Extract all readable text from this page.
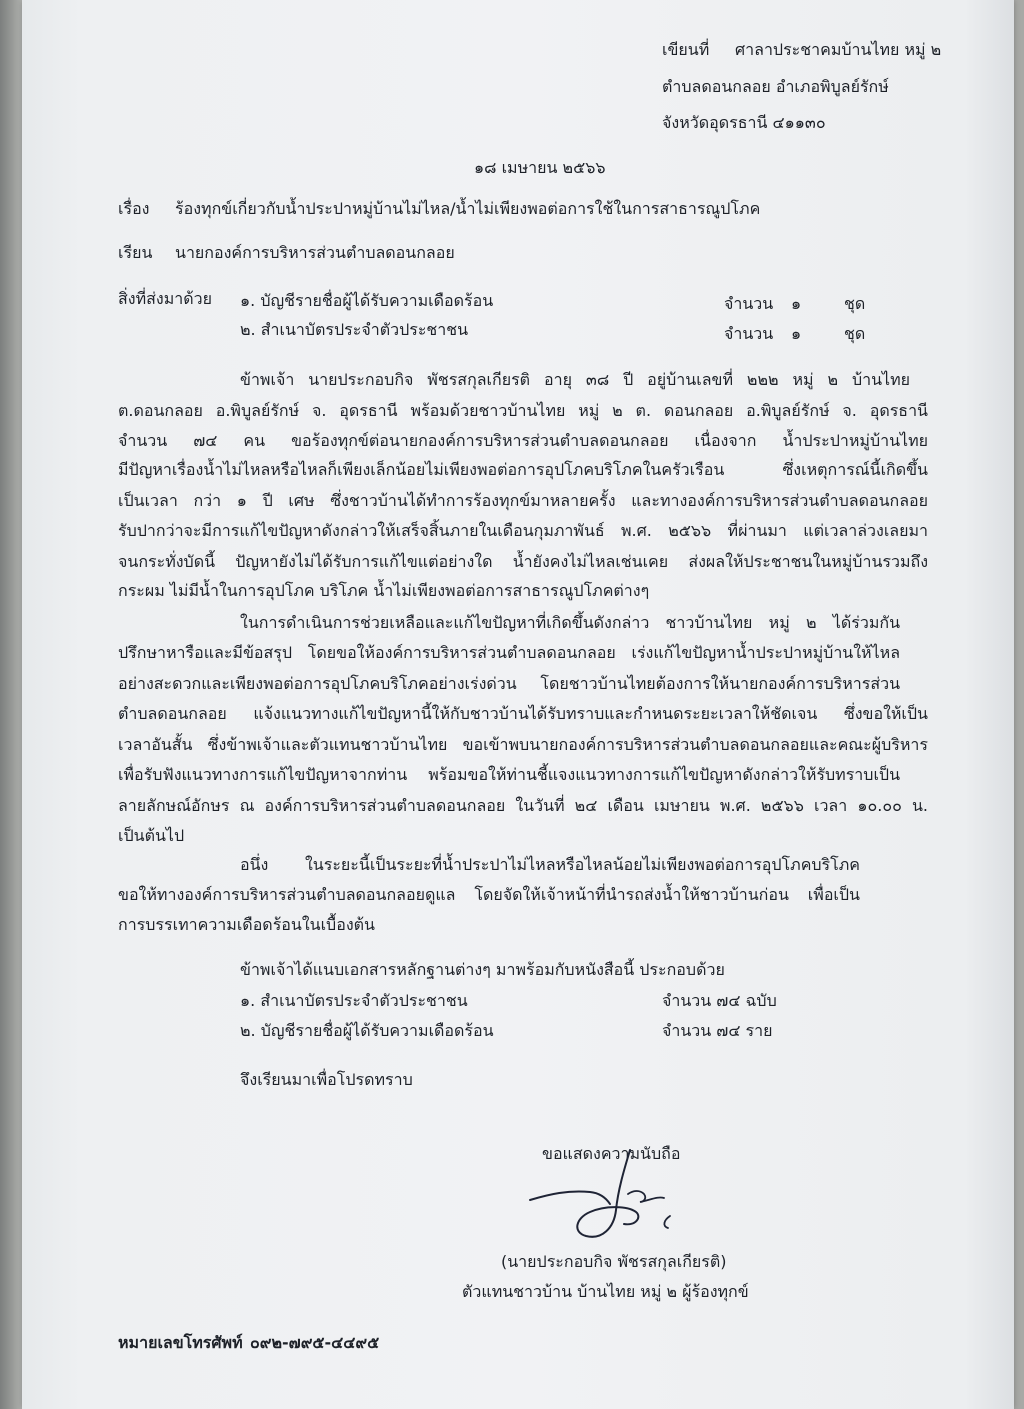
เขียนที่ ศาลาประชาคมบ้านไทย หมู่ ๒
ตำบลดอนกลอย อำเภอพิบูลย์รักษ์
จังหวัดอุดรธานี ๔๑๑๓๐
๑๘ เมษายน ๒๕๖๖
เรื่อง ร้องทุกข์เกี่ยวกับน้ำประปาหมู่บ้านไม่ไหล/น้ำไม่เพียงพอต่อการใช้ในการสาธารณูปโภค
เรียน นายกองค์การบริหารส่วนตำบลดอนกลอย
สิ่งที่ส่งมาด้วย ๑. บัญชีรายชื่อผู้ได้รับความเดือดร้อน	จำนวน ๑	ชุด
๒. สำเนาบัตรประจำตัวประชาชน	จำนวน ๑	ชุด
ข้าพเจ้า นายประกอบกิจ พัชรสกุลเกียรติ อายุ ๓๘ ปี อยู่บ้านเลขที่ ๒๒๒ หมู่ ๒ บ้านไทย
ต.ดอนกลอย อ.พิบูลย์รักษ์ จ. อุดรธานี พร้อมด้วยชาวบ้านไทย หมู่ ๒ ต. ดอนกลอย อ.พิบูลย์รักษ์ จ. อุดรธานี
จำนวน ๗๔ คน ขอร้องทุกข์ต่อนายกองค์การบริหารส่วนตำบลดอนกลอย เนื่องจาก น้ำประปาหมู่บ้านไทย
มีปัญหาเรื่องน้ำไม่ไหลหรือไหลก็เพียงเล็กน้อยไม่เพียงพอต่อการอุปโภคบริโภคในครัวเรือน ซึ่งเหตุการณ์นี้เกิดขึ้น
เป็นเวลา กว่า ๑ ปี เศษ ซึ่งชาวบ้านได้ทำการร้องทุกข์มาหลายครั้ง และทางองค์การบริหารส่วนตำบลดอนกลอย
รับปากว่าจะมีการแก้ไขปัญหาดังกล่าวให้เสร็จสิ้นภายในเดือนกุมภาพันธ์ พ.ศ. ๒๕๖๖ ที่ผ่านมา แต่เวลาล่วงเลยมา
จนกระทั่งบัดนี้ ปัญหายังไม่ได้รับการแก้ไขแต่อย่างใด น้ำยังคงไม่ไหลเช่นเคย ส่งผลให้ประชาชนในหมู่บ้านรวมถึง
กระผม ไม่มีน้ำในการอุปโภค บริโภค น้ำไม่เพียงพอต่อการสาธารณูปโภคต่างๆ
ในการดำเนินการช่วยเหลือและแก้ไขปัญหาที่เกิดขึ้นดังกล่าว ชาวบ้านไทย หมู่ ๒ ได้ร่วมกัน
ปรึกษาหารือและมีข้อสรุป โดยขอให้องค์การบริหารส่วนตำบลดอนกลอย เร่งแก้ไขปัญหาน้ำประปาหมู่บ้านให้ไหล
อย่างสะดวกและเพียงพอต่อการอุปโภคบริโภคอย่างเร่งด่วน โดยชาวบ้านไทยต้องการให้นายกองค์การบริหารส่วน
ตำบลดอนกลอย แจ้งแนวทางแก้ไขปัญหานี้ให้กับชาวบ้านได้รับทราบและกำหนดระยะเวลาให้ชัดเจน ซึ่งขอให้เป็น
เวลาอันสั้น ซึ่งข้าพเจ้าและตัวแทนชาวบ้านไทย ขอเข้าพบนายกองค์การบริหารส่วนตำบลดอนกลอยและคณะผู้บริหาร
เพื่อรับฟังแนวทางการแก้ไขปัญหาจากท่าน พร้อมขอให้ท่านชี้แจงแนวทางการแก้ไขปัญหาดังกล่าวให้รับทราบเป็น
ลายลักษณ์อักษร ณ องค์การบริหารส่วนตำบลดอนกลอย ในวันที่ ๒๔ เดือน เมษายน พ.ศ. ๒๕๖๖ เวลา ๑๐.๐๐ น.
เป็นต้นไป
อนึ่ง ในระยะนี้เป็นระยะที่น้ำประปาไม่ไหลหรือไหลน้อยไม่เพียงพอต่อการอุปโภคบริโภค
ขอให้ทางองค์การบริหารส่วนตำบลดอนกลอยดูแล โดยจัดให้เจ้าหน้าที่นำรถส่งน้ำให้ชาวบ้านก่อน เพื่อเป็น
การบรรเทาความเดือดร้อนในเบื้องต้น
ข้าพเจ้าได้แนบเอกสารหลักฐานต่างๆ มาพร้อมกับหนังสือนี้ ประกอบด้วย
๑. สำเนาบัตรประจำตัวประชาชน	จำนวน ๗๔ ฉบับ
๒. บัญชีรายชื่อผู้ได้รับความเดือดร้อน	จำนวน ๗๔ ราย
จึงเรียนมาเพื่อโปรดทราบ
ขอแสดงความนับถือ
(นายประกอบกิจ พัชรสกุลเกียรติ)
ตัวแทนชาวบ้าน บ้านไทย หมู่ ๒ ผู้ร้องทุกข์
หมายเลขโทรศัพท์ ๐๙๒-๗๙๕-๔๔๙๕
